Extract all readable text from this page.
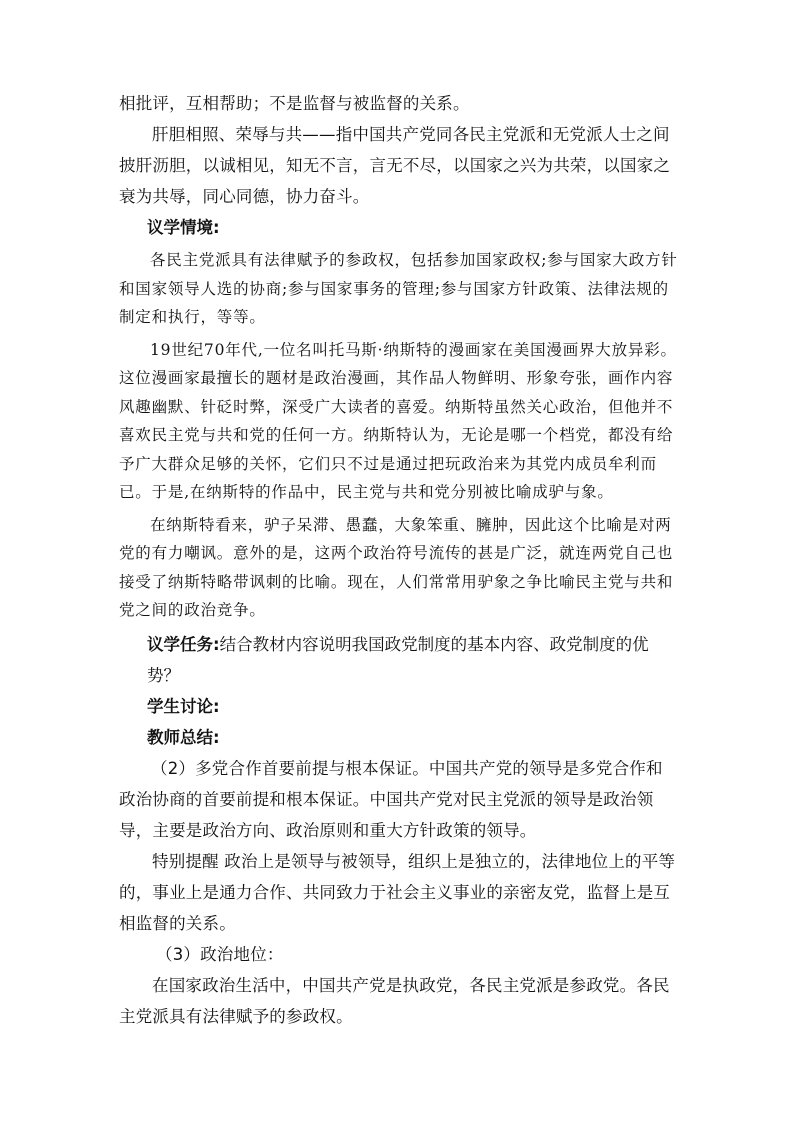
相批评，互相帮助；不是监督与被监督的关系。

肝胆相照、荣辱与共——指中国共产党同各民主党派和无党派人士之间披肝沥胆，以诚相见，知无不言，言无不尽，以国家之兴为共荣，以国家之衰为共辱，同心同德，协力奋斗。

议学情境:

各民主党派具有法律赋予的参政权，包括参加国家政权;参与国家大政方针和国家领导人选的协商;参与国家事务的管理;参与国家方针政策、法律法规的制定和执行，等等。

19世纪70年代,一位名叫托马斯·纳斯特的漫画家在美国漫画界大放异彩。这位漫画家最擅长的题材是政治漫画，其作品人物鲜明、形象夸张，画作内容风趣幽默、针砭时弊，深受广大读者的喜爱。纳斯特虽然关心政治，但他并不喜欢民主党与共和党的任何一方。纳斯特认为，无论是哪一个档党，都没有给予广大群众足够的关怀，它们只不过是通过把玩政治来为其党内成员牟利而已。于是,在纳斯特的作品中，民主党与共和党分别被比喻成驴与象。

在纳斯特看来，驴子呆滞、愚蠢，大象笨重、臃肿，因此这个比喻是对两党的有力嘲讽。意外的是，这两个政治符号流传的甚是广泛，就连两党自己也接受了纳斯特略带讽刺的比喻。现在，人们常常用驴象之争比喻民主党与共和党之间的政治竞争。

议学任务:结合教材内容说明我国政党制度的基本内容、政党制度的优势？

学生讨论:

教师总结:

（2）多党合作首要前提与根本保证。中国共产党的领导是多党合作和政治协商的首要前提和根本保证。中国共产党对民主党派的领导是政治领导，主要是政治方向、政治原则和重大方针政策的领导。

特别提醒 政治上是领导与被领导，组织上是独立的，法律地位上的平等的，事业上是通力合作、共同致力于社会主义事业的亲密友党，监督上是互相监督的关系。

（3）政治地位：

在国家政治生活中，中国共产党是执政党，各民主党派是参政党。各民主党派具有法律赋予的参政权。
